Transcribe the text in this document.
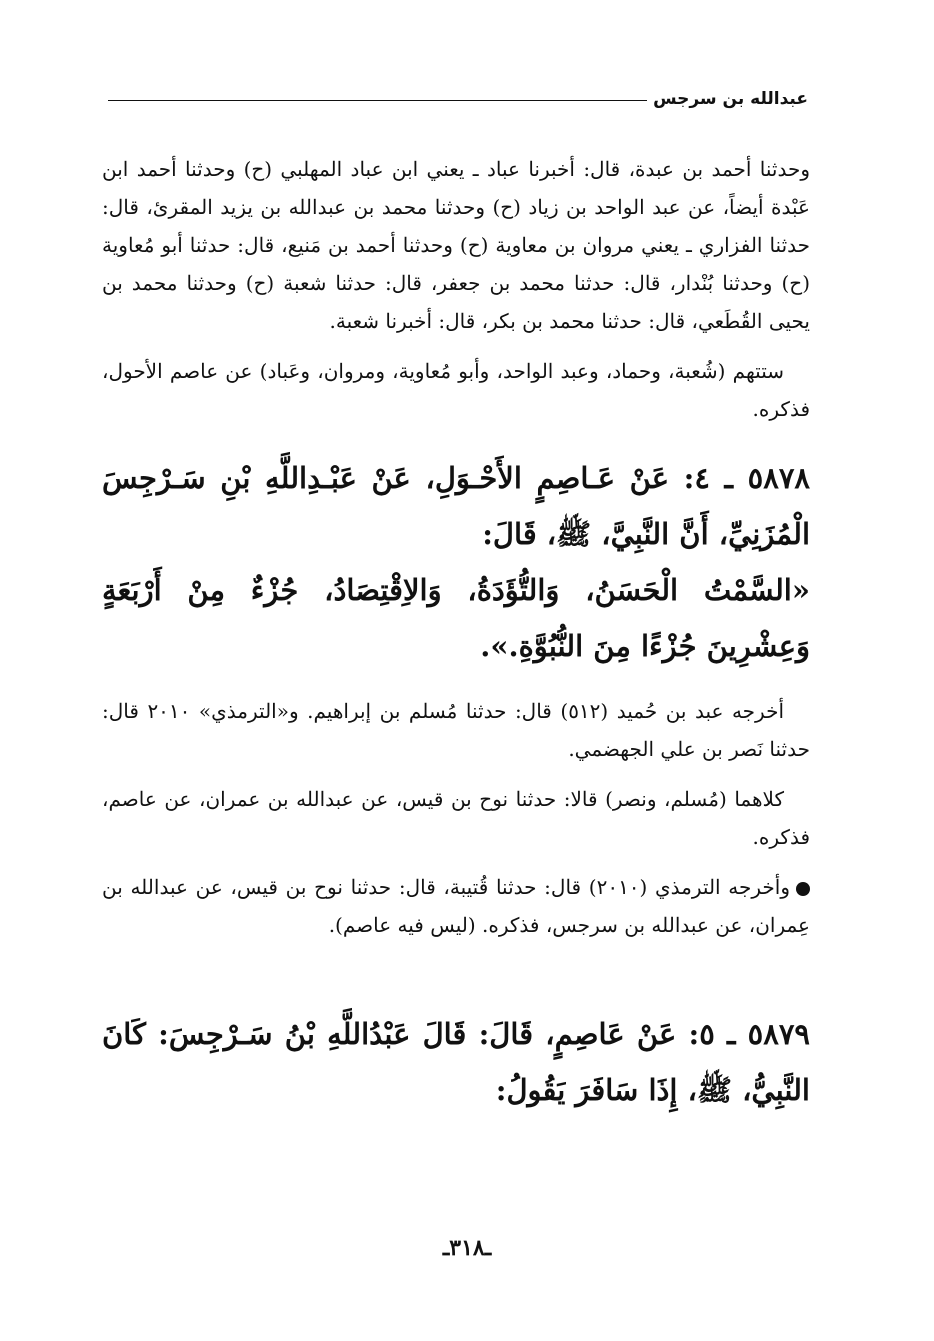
عبدالله بن سرجس

وحدثنا أحمد بن عبدة، قال: أخبرنا عباد ـ يعني ابن عباد المهلبي (ح) وحدثنا أحمد ابن عَبْدة أيضاً، عن عبد الواحد بن زياد (ح) وحدثنا محمد بن عبدالله بن يزيد المقرئ، قال: حدثنا الفزاري ـ يعني مروان بن معاوية (ح) وحدثنا أحمد بن مَنيع، قال: حدثنا أبو مُعاوية (ح) وحدثنا بُنْدار، قال: حدثنا محمد بن جعفر، قال: حدثنا شعبة (ح) وحدثنا محمد بن يحيى القُطَعي، قال: حدثنا محمد بن بكر، قال: أخبرنا شعبة.

ستتهم (شُعبة، وحماد، وعبد الواحد، وأبو مُعاوية، ومروان، وعَباد) عن عاصم الأحول، فذكره.

٥٨٧٨ ـ ٤: عَنْ عَـاصِمٍ الأَحْـوَلِ، عَنْ عَبْـدِاللَّهِ بْنِ سَـرْجِسَ الْمُزَنِيِّ، أَنَّ النَّبِيَّ، ﷺ، قَالَ:
«السَّمْتُ الْحَسَنُ، وَالتُّؤَدَةُ، وَالاِقْتِصَادُ، جُزْءٌ مِنْ أَرْبَعَةٍ وَعِشْرِينَ جُزْءًا مِنَ النُّبُوَّةِ.».

أخرجه عبد بن حُميد (٥١٢) قال: حدثنا مُسلم بن إبراهيم. و«الترمذي» ٢٠١٠ قال: حدثنا نَصر بن علي الجهضمي.

كلاهما (مُسلم، ونصر) قالا: حدثنا نوح بن قيس، عن عبدالله بن عمران، عن عاصم، فذكره.

وأخرجه الترمذي (٢٠١٠) قال: حدثنا قُتيبة، قال: حدثنا نوح بن قيس، عن عبدالله بن عِمران، عن عبدالله بن سرجس، فذكره. (ليس فيه عاصم).

٥٨٧٩ ـ ٥: عَنْ عَاصِمٍ، قَالَ: قَالَ عَبْدُاللَّهِ بْنُ سَـرْجِسَ: كَانَ النَّبِيُّ، ﷺ، إِذَا سَافَرَ يَقُولُ:
ـ٣١٨ـ
